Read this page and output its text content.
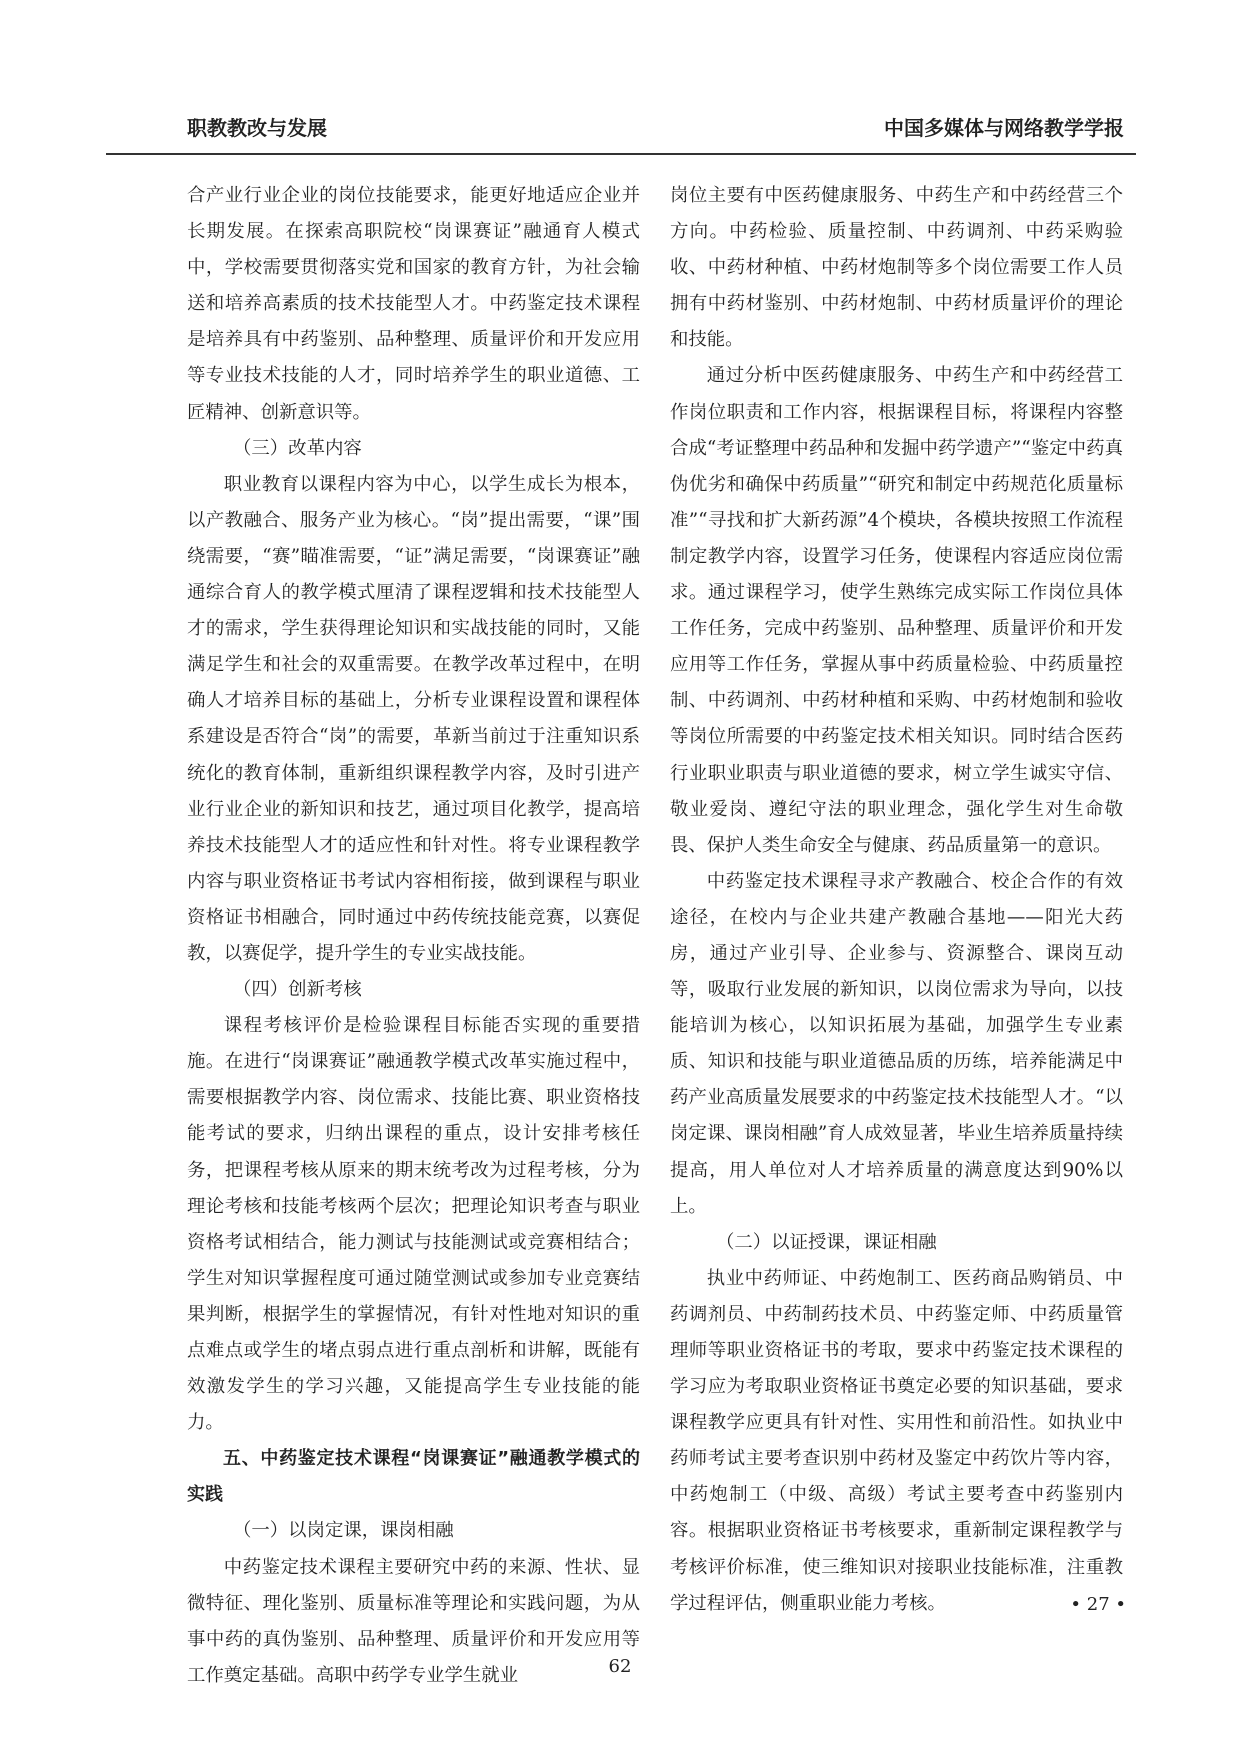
职教教改与发展	中国多媒体与网络教学学报

合产业行业企业的岗位技能要求，能更好地适应企业并长期发展。在探索高职院校“岗课赛证”融通育人模式中，学校需要贯彻落实党和国家的教育方针，为社会输送和培养高素质的技术技能型人才。中药鉴定技术课程是培养具有中药鉴别、品种整理、质量评价和开发应用等专业技术技能的人才，同时培养学生的职业道德、工匠精神、创新意识等。

（三）改革内容

职业教育以课程内容为中心，以学生成长为根本，以产教融合、服务产业为核心。“岗”提出需要，“课”围绕需要，“赛”瞄准需要，“证”满足需要，“岗课赛证”融通综合育人的教学模式厘清了课程逻辑和技术技能型人才的需求，学生获得理论知识和实战技能的同时，又能满足学生和社会的双重需要。在教学改革过程中，在明确人才培养目标的基础上，分析专业课程设置和课程体系建设是否符合“岗”的需要，革新当前过于注重知识系统化的教育体制，重新组织课程教学内容，及时引进产业行业企业的新知识和技艺，通过项目化教学，提高培养技术技能型人才的适应性和针对性。将专业课程教学内容与职业资格证书考试内容相衔接，做到课程与职业资格证书相融合，同时通过中药传统技能竞赛，以赛促教，以赛促学，提升学生的专业实战技能。

（四）创新考核

课程考核评价是检验课程目标能否实现的重要措施。在进行“岗课赛证”融通教学模式改革实施过程中，需要根据教学内容、岗位需求、技能比赛、职业资格技能考试的要求，归纳出课程的重点，设计安排考核任务，把课程考核从原来的期末统考改为过程考核，分为理论考核和技能考核两个层次；把理论知识考查与职业资格考试相结合，能力测试与技能测试或竞赛相结合；学生对知识掌握程度可通过随堂测试或参加专业竞赛结果判断，根据学生的掌握情况，有针对性地对知识的重点难点或学生的堵点弱点进行重点剖析和讲解，既能有效激发学生的学习兴趣，又能提高学生专业技能的能力。

五、中药鉴定技术课程“岗课赛证”融通教学模式的实践

（一）以岗定课，课岗相融

中药鉴定技术课程主要研究中药的来源、性状、显微特征、理化鉴别、质量标准等理论和实践问题，为从事中药的真伪鉴别、品种整理、质量评价和开发应用等工作奠定基础。高职中药学专业学生就业

岗位主要有中医药健康服务、中药生产和中药经营三个方向。中药检验、质量控制、中药调剂、中药采购验收、中药材种植、中药材炮制等多个岗位需要工作人员拥有中药材鉴别、中药材炮制、中药材质量评价的理论和技能。

通过分析中医药健康服务、中药生产和中药经营工作岗位职责和工作内容，根据课程目标，将课程内容整合成“考证整理中药品种和发掘中药学遗产”“鉴定中药真伪优劣和确保中药质量”“研究和制定中药规范化质量标准”“寻找和扩大新药源”4个模块，各模块按照工作流程制定教学内容，设置学习任务，使课程内容适应岗位需求。通过课程学习，使学生熟练完成实际工作岗位具体工作任务，完成中药鉴别、品种整理、质量评价和开发应用等工作任务，掌握从事中药质量检验、中药质量控制、中药调剂、中药材种植和采购、中药材炮制和验收等岗位所需要的中药鉴定技术相关知识。同时结合医药行业职业职责与职业道德的要求，树立学生诚实守信、敬业爱岗、遵纪守法的职业理念，强化学生对生命敬畏、保护人类生命安全与健康、药品质量第一的意识。

中药鉴定技术课程寻求产教融合、校企合作的有效途径，在校内与企业共建产教融合基地——阳光大药房，通过产业引导、企业参与、资源整合、课岗互动等，吸取行业发展的新知识，以岗位需求为导向，以技能培训为核心，以知识拓展为基础，加强学生专业素质、知识和技能与职业道德品质的历练，培养能满足中药产业高质量发展要求的中药鉴定技术技能型人才。“以岗定课、课岗相融”育人成效显著，毕业生培养质量持续提高，用人单位对人才培养质量的满意度达到90%以上。

（二）以证授课，课证相融

执业中药师证、中药炮制工、医药商品购销员、中药调剂员、中药制药技术员、中药鉴定师、中药质量管理师等职业资格证书的考取，要求中药鉴定技术课程的学习应为考取职业资格证书奠定必要的知识基础，要求课程教学应更具有针对性、实用性和前沿性。如执业中药师考试主要考查识别中药材及鉴定中药饮片等内容，中药炮制工（中级、高级）考试主要考查中药鉴别内容。根据职业资格证书考核要求，重新制定课程教学与考核评价标准，使三维知识对接职业技能标准，注重教学过程评估，侧重职业能力考核。	• 27 •
62
